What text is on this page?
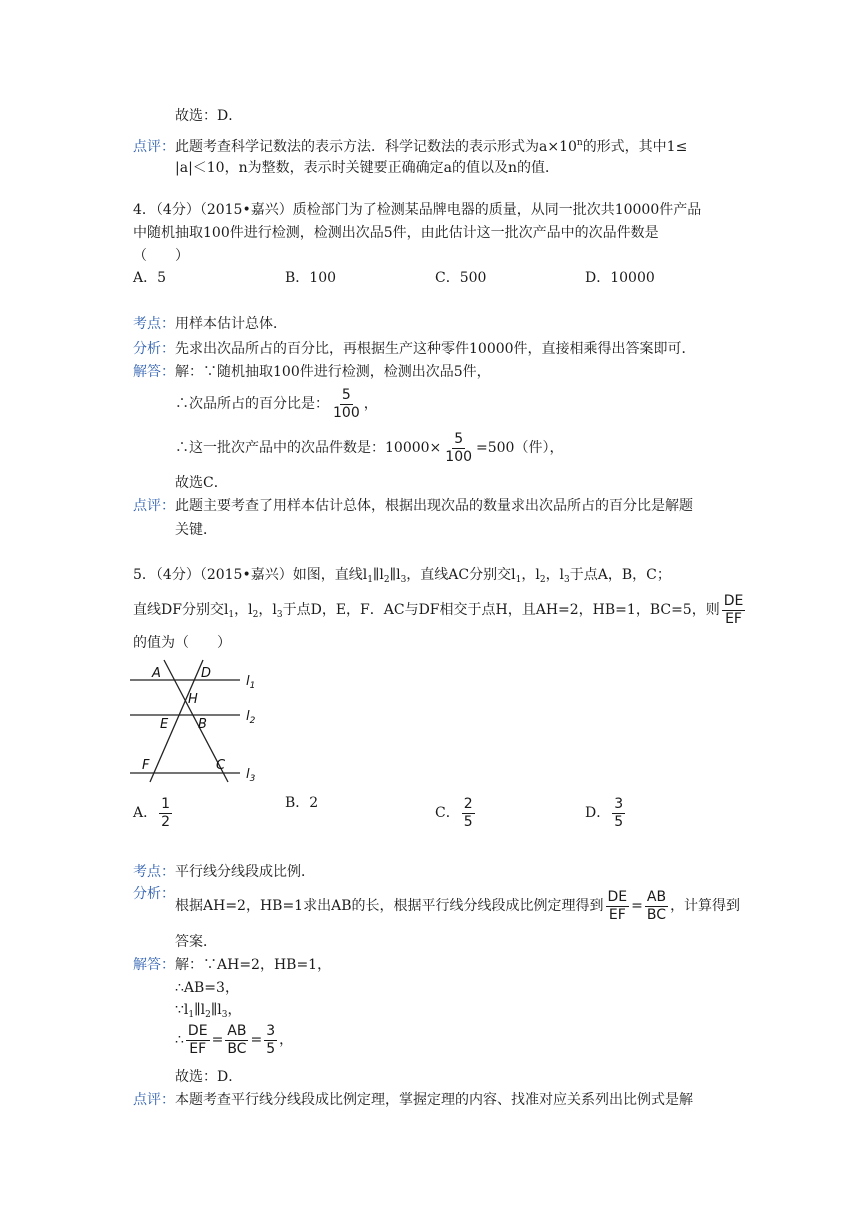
故选：D．
点评：此题考查科学记数法的表示方法．科学记数法的表示形式为$a\times 10^n$的形式，其中1≤
|a|＜10，n为整数，表示时关键要正确确定a的值以及n的值．
4．（4分）（2015•嘉兴）质检部门为了检测某品牌电器的质量，从同一批次共10000件产品
中随机抽取100件进行检测，检测出次品5件，由此估计这一批次产品中的次品件数是
（　　）
A．5	B．100	C．500	D．10000
考点：用样本估计总体．
分析：先求出次品所占的百分比，再根据生产这种零件10000件，直接相乘得出答案即可．
解答：解：∵随机抽取100件进行检测，检测出次品5件，
∴次品所占的百分比是： $\frac{5}{100}$ ，
∴这一批次产品中的次品件数是：$10000\times \frac{5}{100} =500$（件），
故选C．
点评：此题主要考查了用样本估计总体，根据出现次品的数量求出次品所占的百分比是解题
关键．
5．（4分）（2015•嘉兴）如图，直线$l_1\parallel l_2\parallel l_3$，直线AC分别交$l_1$，$l_2$，$l_3$于点A，B，C；
直线DF分别交$l_1$，$l_2$，$l_3$于点D，E，F．AC与DF相交于点H，且AH=2，HB=1，BC=5，则 $\frac{DE}{EF}$
的值为（　　）
A	D
H
E B
F	C
$l_1$
$l_2$
$l_3$
A． $\frac{1}{2}$	B．2
C． $\frac{2}{5}$	D． $\frac{3}{5}$
考点：平行线分线段成比例．
分析：
根据AH=2，HB=1求出AB的长，根据平行线分线段成比例定理得到 $\frac{DE}{EF} = \frac{AB}{BC}$ ，计算得到
答案．
解答：解：∵AH=2，HB=1，
∴AB=3，
$\because l_1\parallel l_2\parallel l_3$，
∴ $\frac{DE}{EF} = \frac{AB}{BC} = \frac{3}{5}$ ，
故选：D．
点评：本题考查平行线分线段成比例定理，掌握定理的内容、找准对应关系列出比例式是解
